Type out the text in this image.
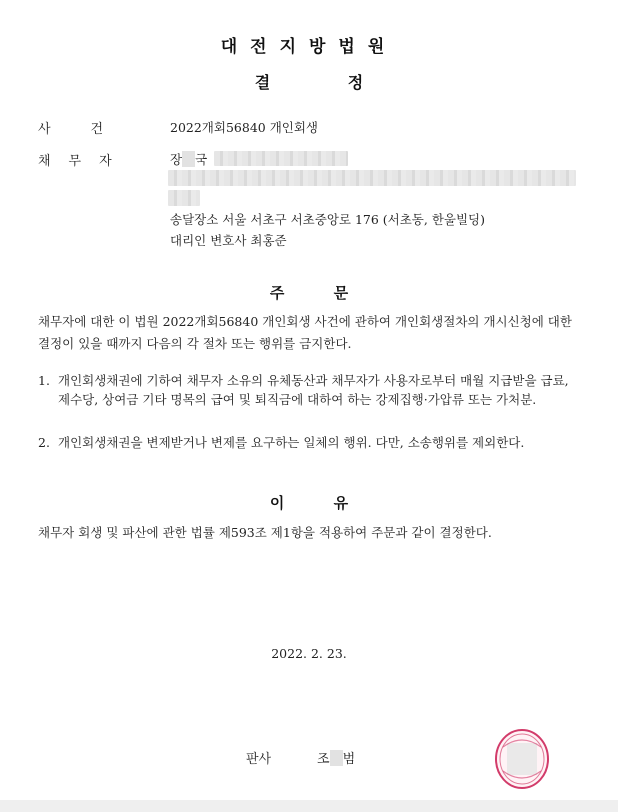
대전지방법원
결 정
사건 2022개회56840 개인회생
채무자	장 국
송달장소 서울 서초구 서초중앙로 176 (서초동, 한울빌딩)
대리인 변호사 최홍준
주 문
채무자에 대한 이 법원 2022개회56840 개인회생 사건에 관하여 개인회생절차의 개시신청에 대한 결정이 있을 때까지 다음의 각 절차 또는 행위를 금지한다.
1. 개인회생채권에 기하여 채무자 소유의 유체동산과 채무자가 사용자로부터 매월 지급받을 급료, 제수당, 상여금 기타 명목의 급여 및 퇴직금에 대하여 하는 강제집행·가압류 또는 가처분.
2. 개인회생채권을 변제받거나 변제를 요구하는 일체의 행위. 다만, 소송행위를 제외한다.
이 유
채무자 회생 및 파산에 관한 법률 제593조 제1항을 적용하여 주문과 같이 결정한다.
2022. 2. 23.
판사	조 범
